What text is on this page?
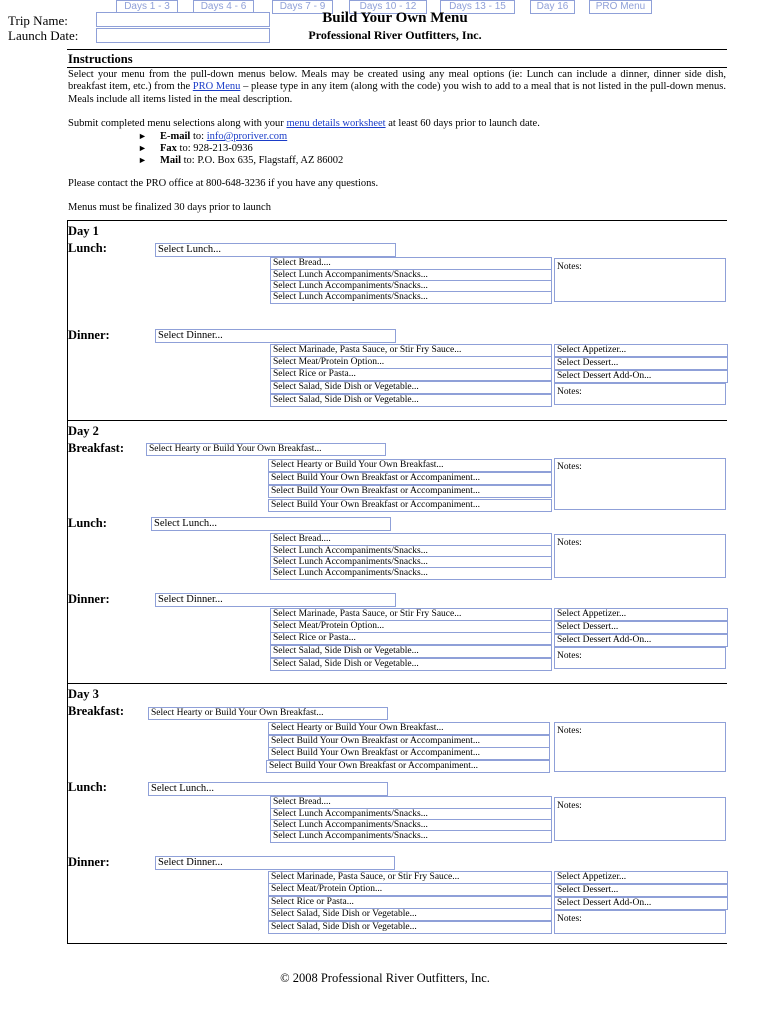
Days 1 - 3	Days 4 - 6	Days 7 - 9	Days 10 - 12	Days 13 - 15	Day 16	PRO Menu
Trip Name:
Launch Date:
Build Your Own Menu
Professional River Outfitters, Inc.
Instructions
Select your menu from the pull-down menus below. Meals may be created using any meal options (ie: Lunch can include a dinner, dinner side dish, breakfast item, etc.) from the PRO Menu – please type in any item (along with the code) you wish to add to a meal that is not listed in the pull-down menus. Meals include all items listed in the meal description.
Submit completed menu selections along with your menu details worksheet at least 60 days prior to launch date.
► E-mail to: info@proriver.com
► Fax to: 928-213-0936
► Mail to: P.O. Box 635, Flagstaff, AZ 86002
Please contact the PRO office at 800-648-3236 if you have any questions.
Menus must be finalized 30 days prior to launch
Day 1
Lunch:	Select Lunch...
Select Bread....
Select Lunch Accompaniments/Snacks...
Select Lunch Accompaniments/Snacks...
Select Lunch Accompaniments/Snacks...
Notes:
Dinner:	Select Dinner...
Select Marinade, Pasta Sauce, or Stir Fry Sauce...
Select Meat/Protein Option...
Select Rice or Pasta...
Select Salad, Side Dish or Vegetable...
Select Salad, Side Dish or Vegetable...
Select Appetizer...
Select Dessert...
Select Dessert Add-On...
Notes:
Day 2
Breakfast:	Select Hearty or Build Your Own Breakfast...
Select Hearty or Build Your Own Breakfast...
Select Build Your Own Breakfast or Accompaniment...
Select Build Your Own Breakfast or Accompaniment...
Select Build Your Own Breakfast or Accompaniment...
Notes:
Lunch:	Select Lunch...
Select Bread....
Select Lunch Accompaniments/Snacks...
Select Lunch Accompaniments/Snacks...
Select Lunch Accompaniments/Snacks...
Notes:
Dinner:	Select Dinner...
Select Marinade, Pasta Sauce, or Stir Fry Sauce...
Select Meat/Protein Option...
Select Rice or Pasta...
Select Salad, Side Dish or Vegetable...
Select Salad, Side Dish or Vegetable...
Select Appetizer...
Select Dessert...
Select Dessert Add-On...
Notes:
Day 3
Breakfast:	Select Hearty or Build Your Own Breakfast...
Select Hearty or Build Your Own Breakfast...
Select Build Your Own Breakfast or Accompaniment...
Select Build Your Own Breakfast or Accompaniment...
Select Build Your Own Breakfast or Accompaniment...
Notes:
Lunch:	Select Lunch...
Select Bread....
Select Lunch Accompaniments/Snacks...
Select Lunch Accompaniments/Snacks...
Select Lunch Accompaniments/Snacks...
Notes:
Dinner:	Select Dinner...
Select Marinade, Pasta Sauce, or Stir Fry Sauce...
Select Meat/Protein Option...
Select Rice or Pasta...
Select Salad, Side Dish or Vegetable...
Select Salad, Side Dish or Vegetable...
Select Appetizer...
Select Dessert...
Select Dessert Add-On...
Notes:
© 2008 Professional River Outfitters, Inc.
